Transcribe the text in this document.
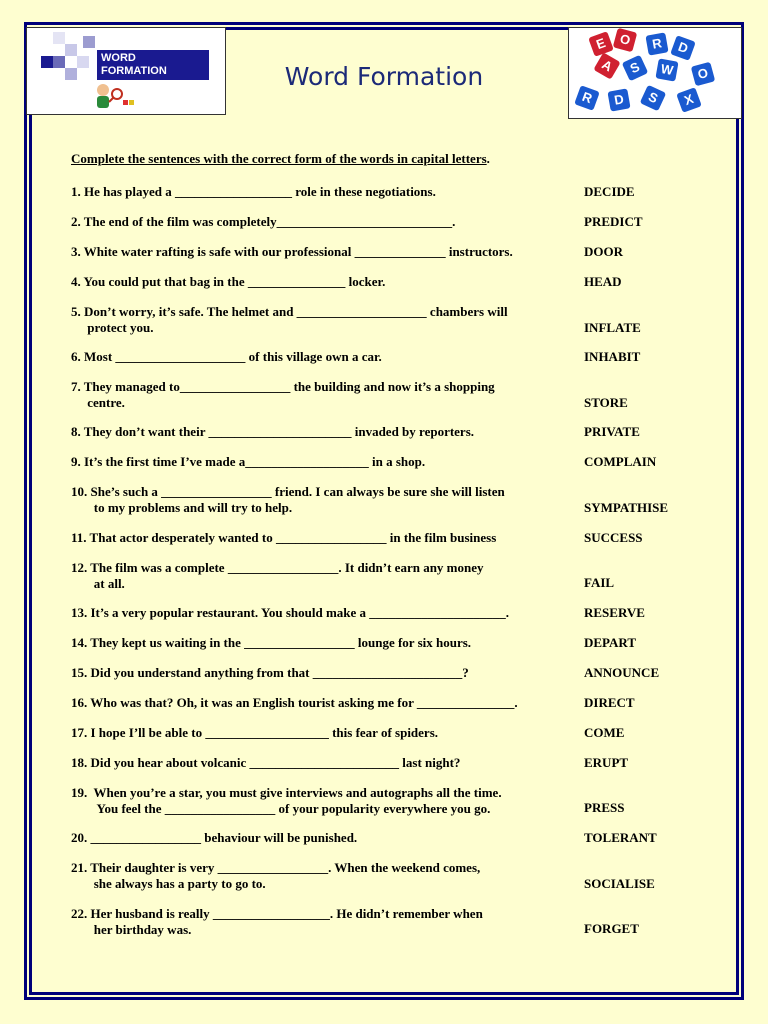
WORD
FORMATION	Word Formation
E O	R	D
A S	W	O
R	D	S	X
Complete the sentences with the correct form of the words in capital letters.
1. He has played a __________________ role in these negotiations.	DECIDE
2. The end of the film was completely___________________________.	PREDICT
3. White water rafting is safe with our professional ______________ instructors.	DOOR
4. You could put that bag in the _______________ locker.	HEAD
5. Don’t worry, it’s safe. The helmet and ____________________ chambers will
protect you.	INFLATE
6. Most ____________________ of this village own a car.	INHABIT
7. They managed to_________________ the building and now it’s a shopping
centre.	STORE
8. They don’t want their ______________________ invaded by reporters.	PRIVATE
9. It’s the first time I’ve made a___________________ in a shop.	COMPLAIN
10. She’s such a _________________ friend. I can always be sure she will listen
to my problems and will try to help.	SYMPATHISE
11. That actor desperately wanted to _________________ in the film business	SUCCESS
12. The film was a complete _________________. It didn’t earn any money
at all.	FAIL
13. It’s a very popular restaurant. You should make a _____________________.	RESERVE
14. They kept us waiting in the _________________ lounge for six hours.	DEPART
15. Did you understand anything from that _______________________?	ANNOUNCE
16. Who was that? Oh, it was an English tourist asking me for _______________.	DIRECT
17. I hope I’ll be able to ___________________ this fear of spiders.	COME
18. Did you hear about volcanic _______________________ last night?	ERUPT
19.  When you’re a star, you must give interviews and autographs all the time.
You feel the _________________ of your popularity everywhere you go.	PRESS
20. _________________ behaviour will be punished.	TOLERANT
21. Their daughter is very _________________. When the weekend comes,
she always has a party to go to.	SOCIALISE
22. Her husband is really __________________. He didn’t remember when
her birthday was.	FORGET
